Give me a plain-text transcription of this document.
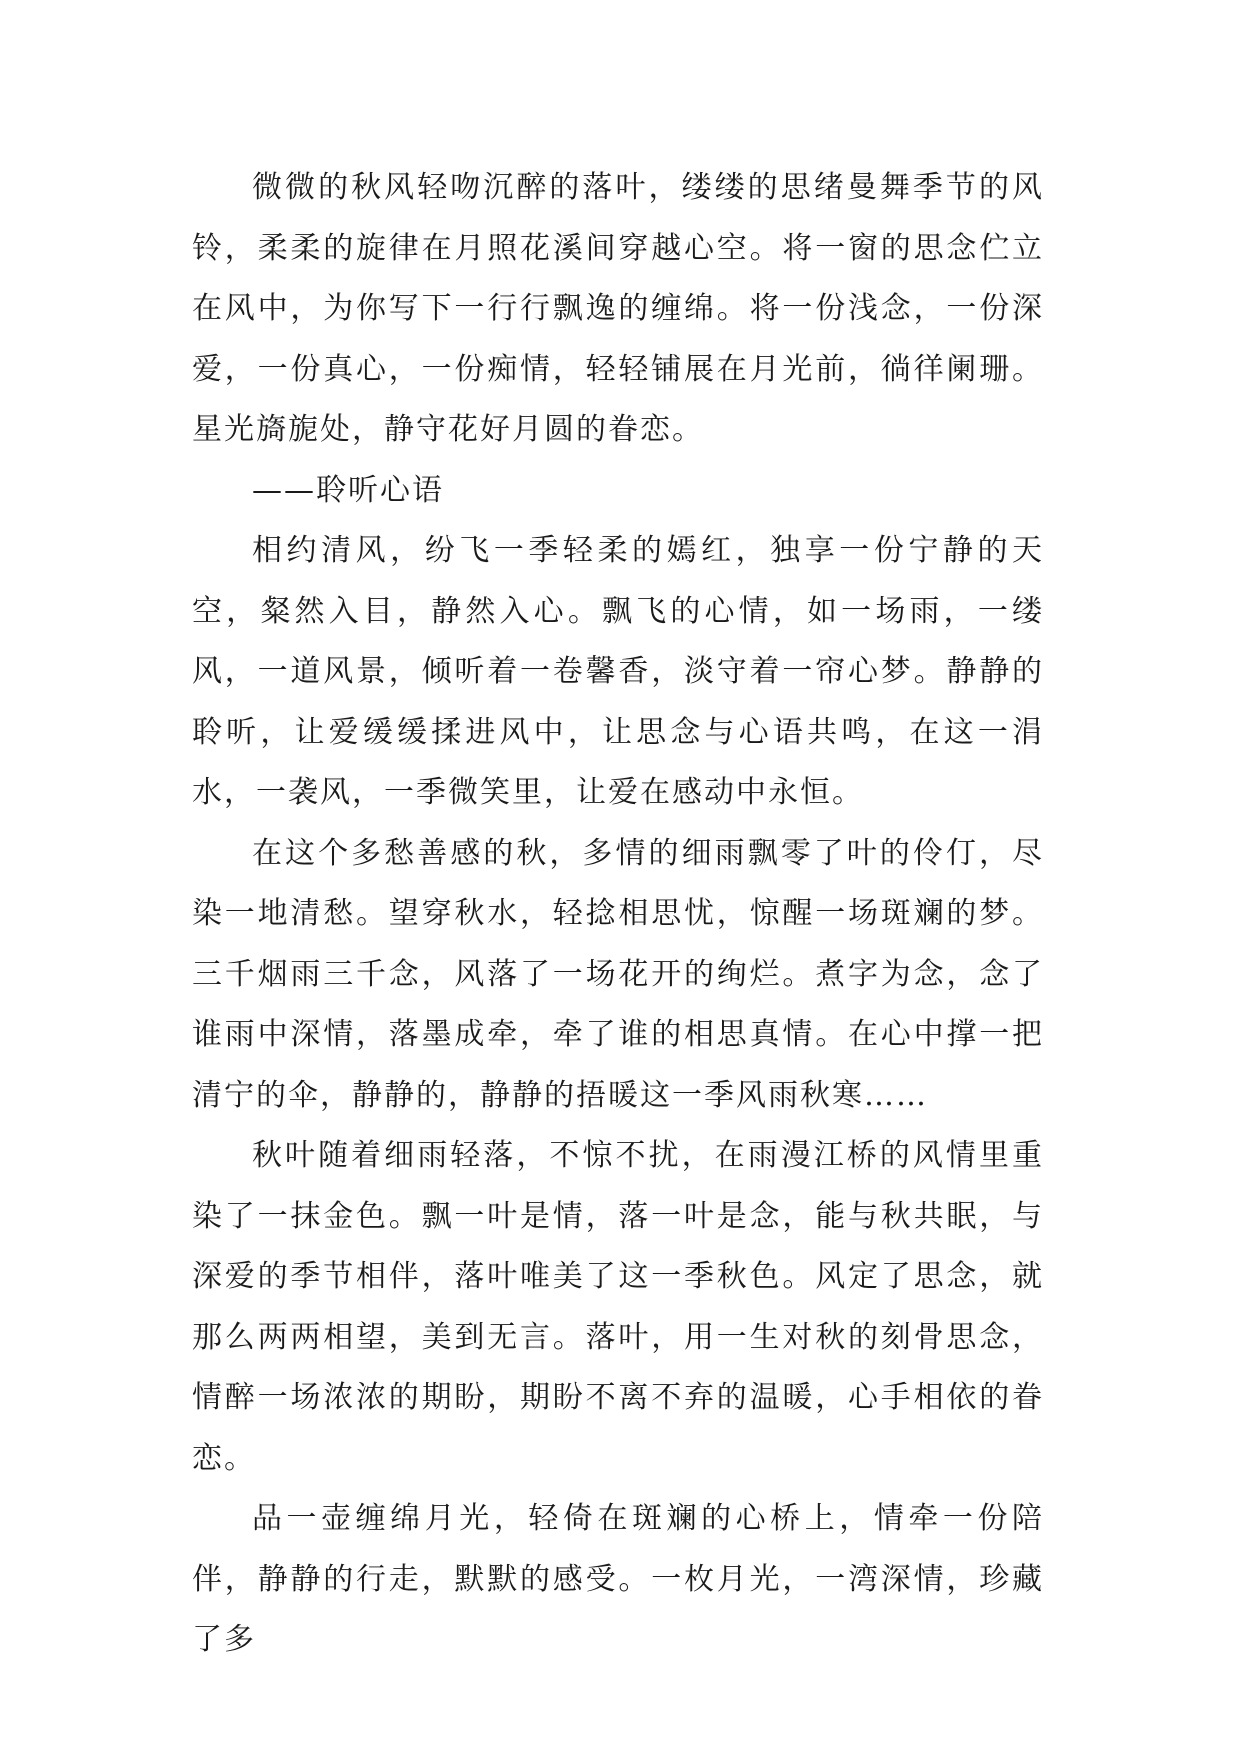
微微的秋风轻吻沉醉的落叶，缕缕的思绪曼舞季节的风铃，柔柔的旋律在月照花溪间穿越心空。将一窗的思念伫立在风中，为你写下一行行飘逸的缠绵。将一份浅念，一份深爱，一份真心，一份痴情，轻轻铺展在月光前，徜徉阑珊。星光旖旎处，静守花好月圆的眷恋。

——聆听心语

相约清风，纷飞一季轻柔的嫣红，独享一份宁静的天空，粲然入目，静然入心。飘飞的心情，如一场雨，一缕风，一道风景，倾听着一卷馨香，淡守着一帘心梦。静静的聆听，让爱缓缓揉进风中，让思念与心语共鸣，在这一涓水，一袭风，一季微笑里，让爱在感动中永恒。

在这个多愁善感的秋，多情的细雨飘零了叶的伶仃，尽染一地清愁。望穿秋水，轻捻相思忧，惊醒一场斑斓的梦。三千烟雨三千念，风落了一场花开的绚烂。煮字为念，念了谁雨中深情，落墨成牵，牵了谁的相思真情。在心中撑一把清宁的伞，静静的，静静的捂暖这一季风雨秋寒……

秋叶随着细雨轻落，不惊不扰，在雨漫江桥的风情里重染了一抹金色。飘一叶是情，落一叶是念，能与秋共眠，与深爱的季节相伴，落叶唯美了这一季秋色。风定了思念，就那么两两相望，美到无言。落叶，用一生对秋的刻骨思念，情醉一场浓浓的期盼，期盼不离不弃的温暖，心手相依的眷恋。

品一壶缠绵月光，轻倚在斑斓的心桥上，情牵一份陪伴，静静的行走，默默的感受。一枚月光，一湾深情，珍藏了多
